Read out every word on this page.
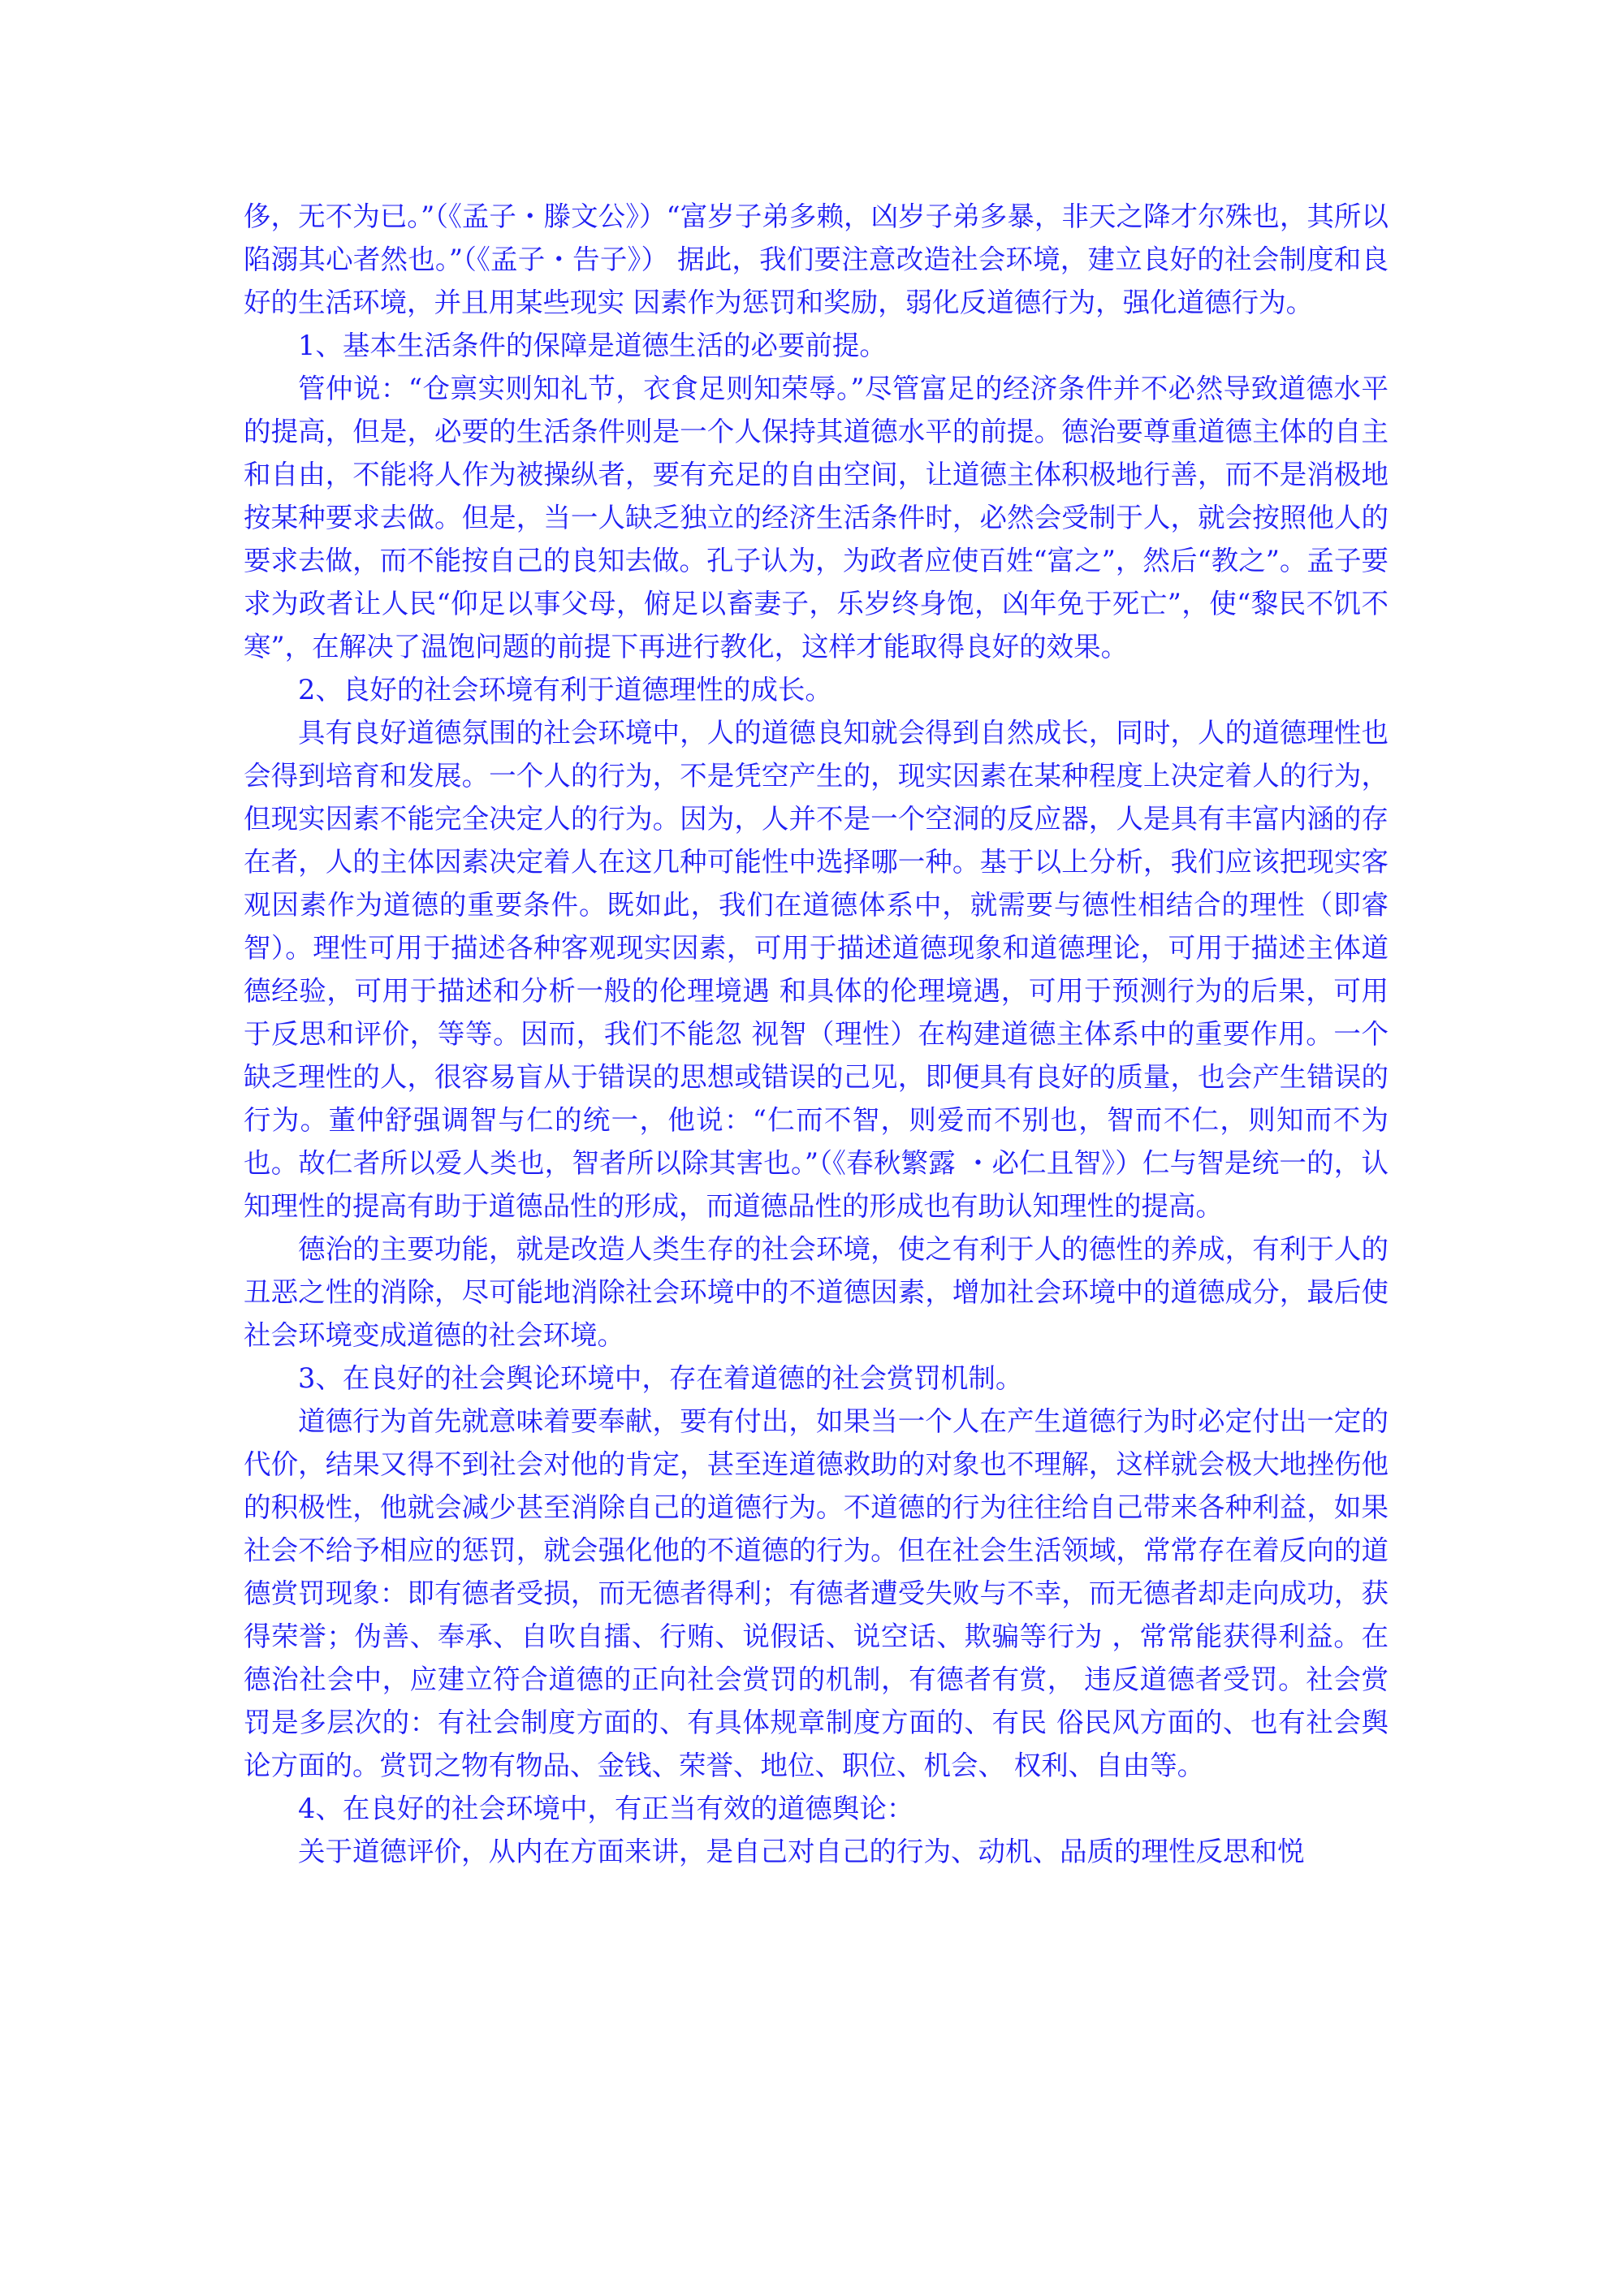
侈，无不为已。”（《孟子・滕文公》）“富岁子弟多赖，凶岁子弟多暴，非天之降才尔殊也，其所以陷溺其心者然也。”（《孟子・告子》） 据此，我们要注意改造社会环境，建立良好的社会制度和良好的生活环境，并且用某些现实 因素作为惩罚和奖励，弱化反道德行为，强化道德行为。

1、基本生活条件的保障是道德生活的必要前提。

管仲说：“仓禀实则知礼节，衣食足则知荣辱。”尽管富足的经济条件并不必然导致道德水平的提高，但是，必要的生活条件则是一个人保持其道德水平的前提。德治要尊重道德主体的自主和自由，不能将人作为被操纵者，要有充足的自由空间，让道德主体积极地行善，而不是消极地按某种要求去做。但是，当一人缺乏独立的经济生活条件时，必然会受制于人，就会按照他人的要求去做，而不能按自己的良知去做。孔子认为，为政者应使百姓“富之”，然后“教之”。孟子要求为政者让人民“仰足以事父母，俯足以畜妻子，乐岁终身饱，凶年免于死亡”，使“黎民不饥不寒”，在解决了温饱问题的前提下再进行教化，这样才能取得良好的效果。

2、良好的社会环境有利于道德理性的成长。

具有良好道德氛围的社会环境中，人的道德良知就会得到自然成长，同时，人的道德理性也会得到培育和发展。一个人的行为，不是凭空产生的，现实因素在某种程度上决定着人的行为，但现实因素不能完全决定人的行为。因为，人并不是一个空洞的反应器，人是具有丰富内涵的存在者，人的主体因素决定着人在这几种可能性中选择哪一种。基于以上分析，我们应该把现实客观因素作为道德的重要条件。既如此，我们在道德体系中，就需要与德性相结合的理性（即睿智）。理性可用于描述各种客观现实因素，可用于描述道德现象和道德理论，可用于描述主体道德经验，可用于描述和分析一般的伦理境遇 和具体的伦理境遇，可用于预测行为的后果，可用于反思和评价，等等。因而，我们不能忽 视智（理性）在构建道德主体系中的重要作用。一个缺乏理性的人，很容易盲从于错误的思想或错误的己见，即便具有良好的质量，也会产生错误的行为。董仲舒强调智与仁的统一，他说：“仁而不智，则爱而不别也，智而不仁，则知而不为也。故仁者所以爱人类也，智者所以除其害也。”（《春秋繁露 ・必仁且智》）仁与智是统一的，认知理性的提高有助于道德品性的形成，而道德品性的形成也有助认知理性的提高。

德治的主要功能，就是改造人类生存的社会环境，使之有利于人的德性的养成，有利于人的丑恶之性的消除，尽可能地消除社会环境中的不道德因素，增加社会环境中的道德成分，最后使社会环境变成道德的社会环境。

3、在良好的社会舆论环境中，存在着道德的社会赏罚机制。

道德行为首先就意味着要奉献，要有付出，如果当一个人在产生道德行为时必定付出一定的代价，结果又得不到社会对他的肯定，甚至连道德救助的对象也不理解，这样就会极大地挫伤他的积极性，他就会减少甚至消除自己的道德行为。不道德的行为往往给自己带来各种利益，如果社会不给予相应的惩罚，就会强化他的不道德的行为。但在社会生活领域，常常存在着反向的道德赏罚现象：即有德者受损，而无德者得利；有德者遭受失败与不幸，而无德者却走向成功，获得荣誉；伪善、奉承、自吹自擂、行贿、说假话、说空话、欺骗等行为 ，常常能获得利益。在德治社会中，应建立符合道德的正向社会赏罚的机制，有德者有赏， 违反道德者受罚。社会赏罚是多层次的：有社会制度方面的、有具体规章制度方面的、有民 俗民风方面的、也有社会舆论方面的。赏罚之物有物品、金钱、荣誉、地位、职位、机会、 权利、自由等。

4、在良好的社会环境中，有正当有效的道德舆论：

关于道德评价，从内在方面来讲，是自己对自己的行为、动机、品质的理性反思和悦
